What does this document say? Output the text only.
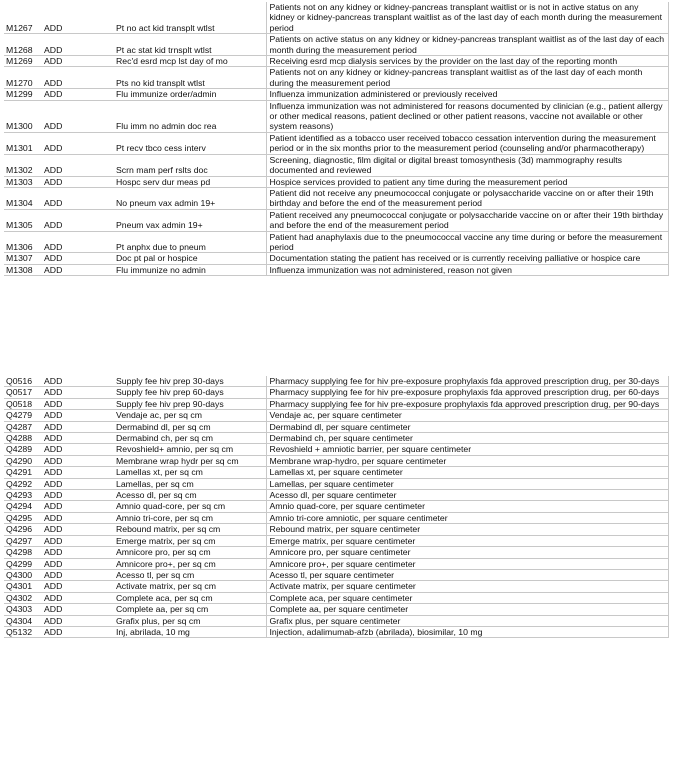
M1267	ADD	Pt no act kid transplt wtlst	Patients not on any kidney or kidney-pancreas transplant waitlist or is not in active status on any kidney or kidney-pancreas transplant waitlist as of the last day of each month during the measurement period
M1268	ADD	Pt ac stat kid trnsplt wtlst	Patients on active status on any kidney or kidney-pancreas transplant waitlist as of the last day of each month during the measurement period
M1269	ADD	Rec'd esrd mcp lst day of mo	Receiving esrd mcp dialysis services by the provider on the last day of the reporting month
M1270	ADD	Pts no kid transplt wtlst	Patients not on any kidney or kidney-pancreas transplant waitlist as of the last day of each month during the measurement period
M1299	ADD	Flu immunize order/admin	Influenza immunization administered or previously received
M1300	ADD	Flu imm no admin doc rea	Influenza immunization was not administered for reasons documented by clinician (e.g., patient allergy or other medical reasons, patient declined or other patient reasons, vaccine not available or other system reasons)
M1301	ADD	Pt recv tbco cess interv	Patient identified as a tobacco user received tobacco cessation intervention during the measurement period or in the six months prior to the measurement period (counseling and/or pharmacotherapy)
M1302	ADD	Scrn mam perf rslts doc	Screening, diagnostic, film digital or digital breast tomosynthesis (3d) mammography results documented and reviewed
M1303	ADD	Hospc serv dur meas pd	Hospice services provided to patient any time during the measurement period
M1304	ADD	No pneum vax admin 19+	Patient did not receive any pneumococcal conjugate or polysaccharide vaccine on or after their 19th birthday and before the end of the measurement period
M1305	ADD	Pneum vax admin 19+	Patient received any pneumococcal conjugate or polysaccharide vaccine on or after their 19th birthday and before the end of the measurement period
M1306	ADD	Pt anphx due to pneum	Patient had anaphylaxis due to the pneumococcal vaccine any time during or before the measurement period
M1307	ADD	Doc pt pal or hospice	Documentation stating the patient has received or is currently receiving palliative or hospice care
M1308	ADD	Flu immunize no admin	Influenza immunization was not administered, reason not given
Q0516	ADD	Supply fee hiv prep 30-days	Pharmacy supplying fee for hiv pre-exposure prophylaxis fda approved prescription drug, per 30-days
Q0517	ADD	Supply fee hiv prep 60-days	Pharmacy supplying fee for hiv pre-exposure prophylaxis fda approved prescription drug, per 60-days
Q0518	ADD	Supply fee hiv prep 90-days	Pharmacy supplying fee for hiv pre-exposure prophylaxis fda approved prescription drug, per 90-days
Q4279	ADD	Vendaje ac, per sq cm	Vendaje ac, per square centimeter
Q4287	ADD	Dermabind dl, per sq cm	Dermabind dl, per square centimeter
Q4288	ADD	Dermabind ch, per sq cm	Dermabind ch, per square centimeter
Q4289	ADD	Revoshield+ amnio, per sq cm	Revoshield + amniotic barrier, per square centimeter
Q4290	ADD	Membrane wrap hydr per sq cm	Membrane wrap-hydro, per square centimeter
Q4291	ADD	Lamellas xt, per sq cm	Lamellas xt, per square centimeter
Q4292	ADD	Lamellas, per sq cm	Lamellas, per square centimeter
Q4293	ADD	Acesso dl, per sq cm	Acesso dl, per square centimeter
Q4294	ADD	Amnio quad-core, per sq cm	Amnio quad-core, per square centimeter
Q4295	ADD	Amnio tri-core, per sq cm	Amnio tri-core amniotic, per square centimeter
Q4296	ADD	Rebound matrix, per sq cm	Rebound matrix, per square centimeter
Q4297	ADD	Emerge matrix, per sq cm	Emerge matrix, per square centimeter
Q4298	ADD	Amnicore pro, per sq cm	Amnicore pro, per square centimeter
Q4299	ADD	Amnicore pro+, per sq cm	Amnicore pro+, per square centimeter
Q4300	ADD	Acesso tl, per sq cm	Acesso tl, per square centimeter
Q4301	ADD	Activate matrix, per sq cm	Activate matrix, per square centimeter
Q4302	ADD	Complete aca, per sq cm	Complete aca, per square centimeter
Q4303	ADD	Complete aa, per sq cm	Complete aa, per square centimeter
Q4304	ADD	Grafix plus, per sq cm	Grafix plus, per square centimeter
Q5132	ADD	Inj, abrilada, 10 mg	Injection, adalimumab-afzb (abrilada), biosimilar, 10 mg
